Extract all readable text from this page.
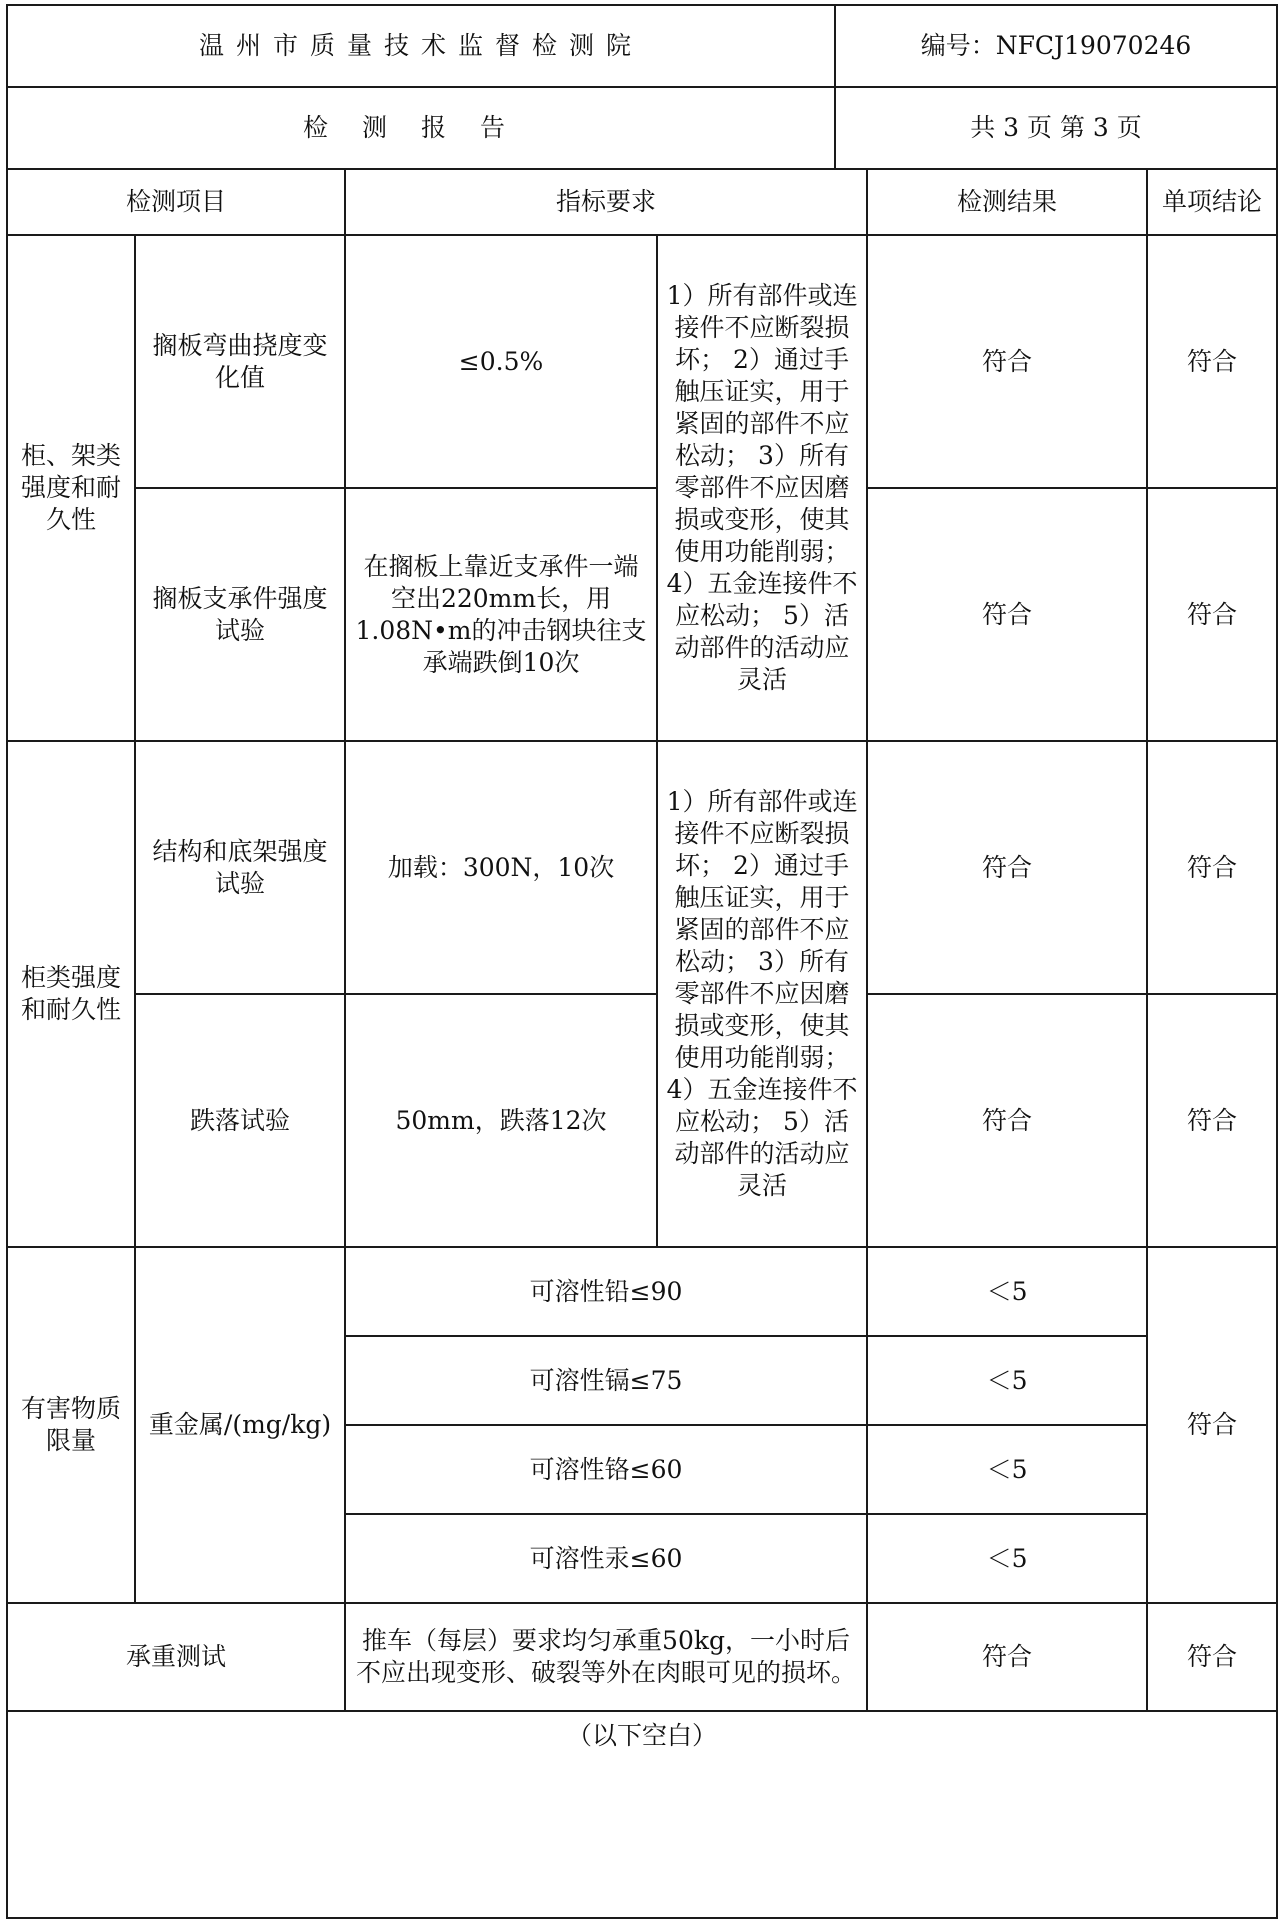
温州市质量技术监督检测院	编号：NFCJ19070246
检测报告	共 3 页 第 3 页
检测项目		指标要求		检测结果	单项结论
柜、架类强度和耐久性	搁板弯曲挠度变化值	≤0.5%	1）所有部件或连接件不应断裂损坏； 2）通过手触压证实，用于紧固的部件不应松动； 3）所有零部件不应因磨损或变形，使其使用功能削弱； 4）五金连接件不应松动； 5）活动部件的活动应灵活	符合	符合
	搁板支承件强度试验	在搁板上靠近支承件一端空出220mm长，用1.08N•m的冲击钢块往支承端跌倒10次		符合	符合
柜类强度和耐久性	结构和底架强度试验	加载：300N，10次	1）所有部件或连接件不应断裂损坏； 2）通过手触压证实，用于紧固的部件不应松动； 3）所有零部件不应因磨损或变形，使其使用功能削弱； 4）五金连接件不应松动； 5）活动部件的活动应灵活	符合	符合
	跌落试验	50mm，跌落12次		符合	符合
有害物质限量	重金属/(mg/kg)	可溶性铅≤90		＜5	符合
		可溶性镉≤75		＜5	
		可溶性铬≤60		＜5	
		可溶性汞≤60		＜5	
承重测试		推车（每层）要求均匀承重50kg，一小时后不应出现变形、破裂等外在肉眼可见的损坏。		符合	符合
（以下空白）					
